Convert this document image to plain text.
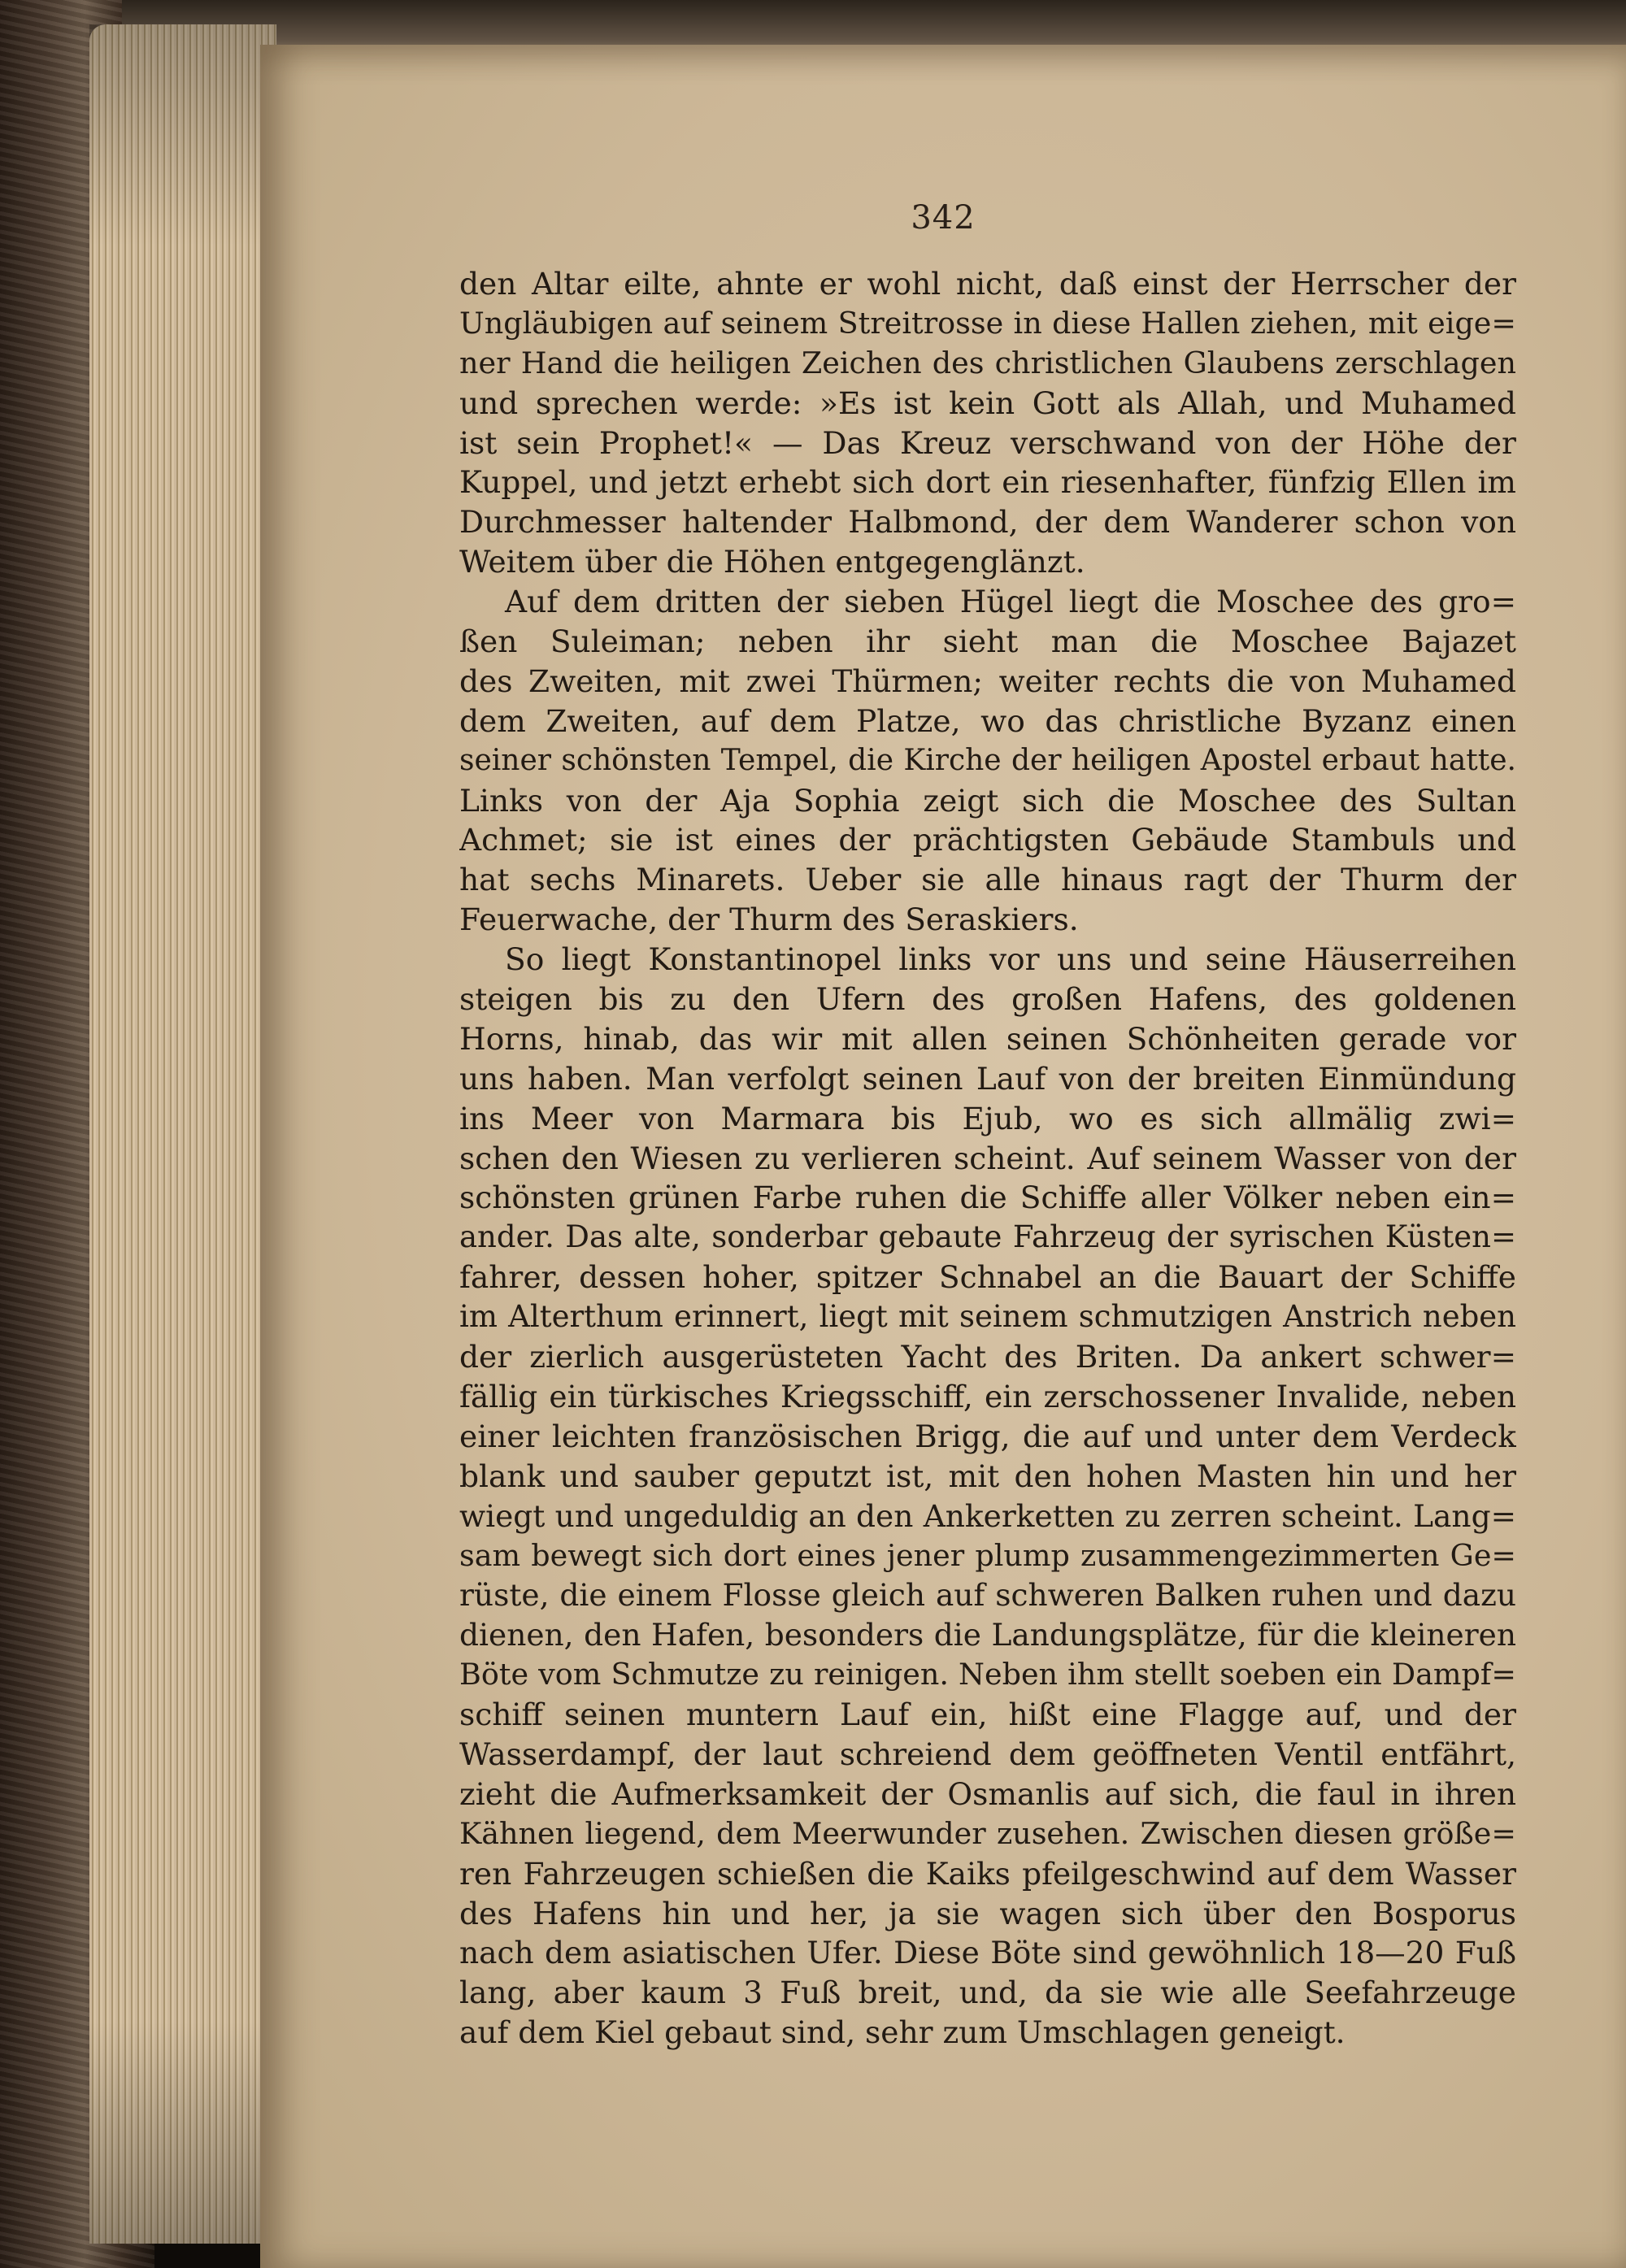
342
den Altar eilte, ahnte er wohl nicht, daß einst der Herrscher der
Ungläubigen auf seinem Streitrosse in diese Hallen ziehen, mit eige=
ner Hand die heiligen Zeichen des christlichen Glaubens zerschlagen
und sprechen werde: »Es ist kein Gott als Allah, und Muhamed
ist sein Prophet!« — Das Kreuz verschwand von der Höhe der
Kuppel, und jetzt erhebt sich dort ein riesenhafter, fünfzig Ellen im
Durchmesser haltender Halbmond, der dem Wanderer schon von
Weitem über die Höhen entgegenglänzt.
Auf dem dritten der sieben Hügel liegt die Moschee des gro=
ßen Suleiman; neben ihr sieht man die Moschee Bajazet
des Zweiten, mit zwei Thürmen; weiter rechts die von Muhamed
dem Zweiten, auf dem Platze, wo das christliche Byzanz einen
seiner schönsten Tempel, die Kirche der heiligen Apostel erbaut hatte.
Links von der Aja Sophia zeigt sich die Moschee des Sultan
Achmet; sie ist eines der prächtigsten Gebäude Stambuls und
hat sechs Minarets. Ueber sie alle hinaus ragt der Thurm der
Feuerwache, der Thurm des Seraskiers.
So liegt Konstantinopel links vor uns und seine Häuserreihen
steigen bis zu den Ufern des großen Hafens, des goldenen
Horns, hinab, das wir mit allen seinen Schönheiten gerade vor
uns haben. Man verfolgt seinen Lauf von der breiten Einmündung
ins Meer von Marmara bis Ejub, wo es sich allmälig zwi=
schen den Wiesen zu verlieren scheint. Auf seinem Wasser von der
schönsten grünen Farbe ruhen die Schiffe aller Völker neben ein=
ander. Das alte, sonderbar gebaute Fahrzeug der syrischen Küsten=
fahrer, dessen hoher, spitzer Schnabel an die Bauart der Schiffe
im Alterthum erinnert, liegt mit seinem schmutzigen Anstrich neben
der zierlich ausgerüsteten Yacht des Briten. Da ankert schwer=
fällig ein türkisches Kriegsschiff, ein zerschossener Invalide, neben
einer leichten französischen Brigg, die auf und unter dem Verdeck
blank und sauber geputzt ist, mit den hohen Masten hin und her
wiegt und ungeduldig an den Ankerketten zu zerren scheint. Lang=
sam bewegt sich dort eines jener plump zusammengezimmerten Ge=
rüste, die einem Flosse gleich auf schweren Balken ruhen und dazu
dienen, den Hafen, besonders die Landungsplätze, für die kleineren
Böte vom Schmutze zu reinigen. Neben ihm stellt soeben ein Dampf=
schiff seinen muntern Lauf ein, hißt eine Flagge auf, und der
Wasserdampf, der laut schreiend dem geöffneten Ventil entfährt,
zieht die Aufmerksamkeit der Osmanlis auf sich, die faul in ihren
Kähnen liegend, dem Meerwunder zusehen. Zwischen diesen größe=
ren Fahrzeugen schießen die Kaiks pfeilgeschwind auf dem Wasser
des Hafens hin und her, ja sie wagen sich über den Bosporus
nach dem asiatischen Ufer. Diese Böte sind gewöhnlich 18—20 Fuß
lang, aber kaum 3 Fuß breit, und, da sie wie alle Seefahrzeuge
auf dem Kiel gebaut sind, sehr zum Umschlagen geneigt.
